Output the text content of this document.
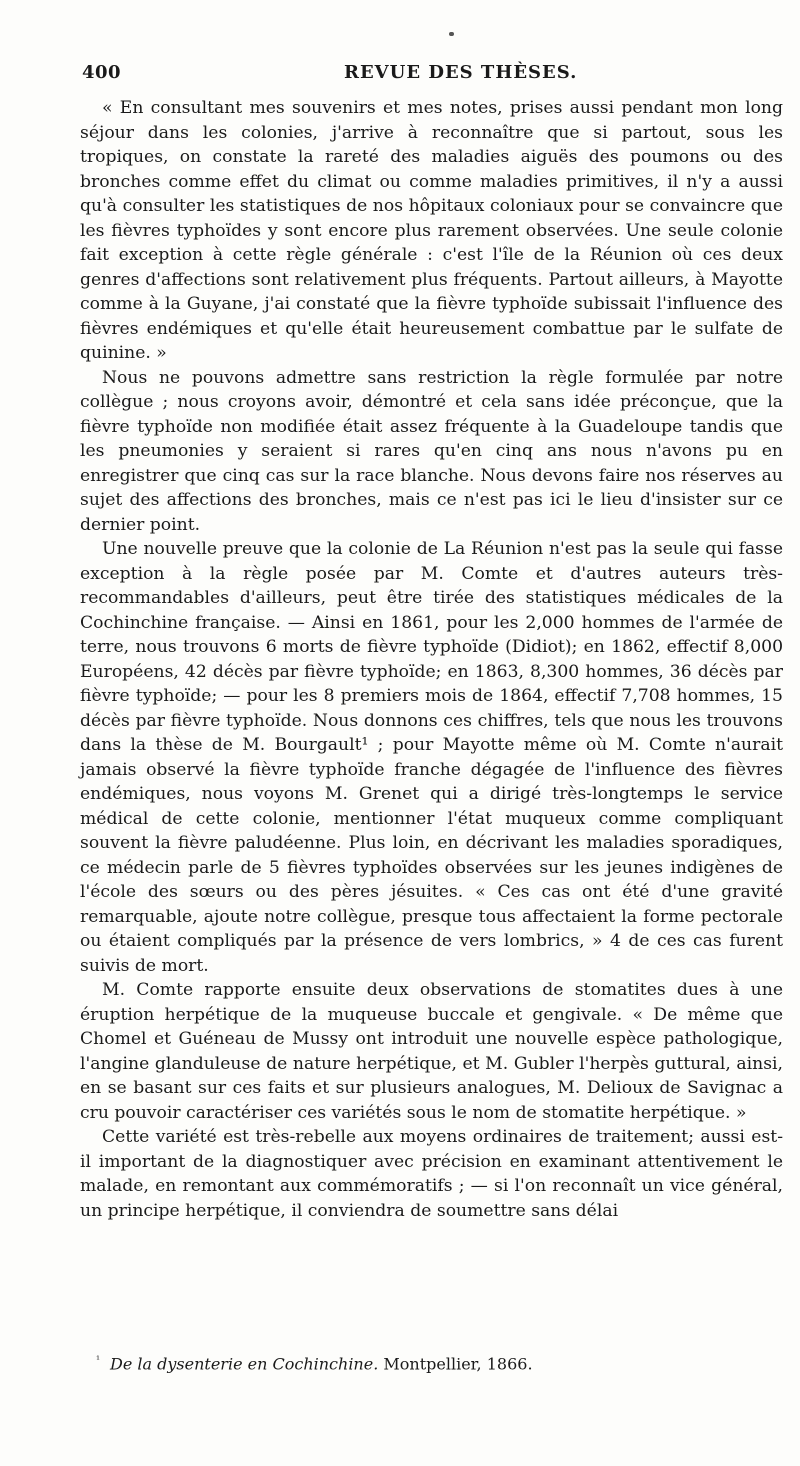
400	REVUE DES THÈSES.

« En consultant mes souvenirs et mes notes, prises aussi pendant mon long séjour dans les colonies, j'arrive à reconnaître que si partout, sous les tropiques, on constate la rareté des maladies aiguës des poumons ou des bronches comme effet du climat ou comme maladies primitives, il n'y a aussi qu'à consulter les statistiques de nos hôpitaux coloniaux pour se convaincre que les fièvres typhoïdes y sont encore plus rarement observées. Une seule colonie fait exception à cette règle générale : c'est l'île de la Réunion où ces deux genres d'affections sont relativement plus fréquents. Partout ailleurs, à Mayotte comme à la Guyane, j'ai constaté que la fièvre typhoïde subissait l'influence des fièvres endémiques et qu'elle était heureusement combattue par le sulfate de quinine. »

Nous ne pouvons admettre sans restriction la règle formulée par notre collègue ; nous croyons avoir, démontré et cela sans idée préconçue, que la fièvre typhoïde non modifiée était assez fréquente à la Guadeloupe tandis que les pneumonies y seraient si rares qu'en cinq ans nous n'avons pu en enregistrer que cinq cas sur la race blanche. Nous devons faire nos réserves au sujet des affections des bronches, mais ce n'est pas ici le lieu d'insister sur ce dernier point.

Une nouvelle preuve que la colonie de La Réunion n'est pas la seule qui fasse exception à la règle posée par M. Comte et d'autres auteurs très-recommandables d'ailleurs, peut être tirée des statistiques médicales de la Cochinchine française. — Ainsi en 1861, pour les 2,000 hommes de l'armée de terre, nous trouvons 6 morts de fièvre typhoïde (Didiot); en 1862, effectif 8,000 Européens, 42 décès par fièvre typhoïde; en 1863, 8,300 hommes, 36 décès par fièvre typhoïde; — pour les 8 premiers mois de 1864, effectif 7,708 hommes, 15 décès par fièvre typhoïde. Nous donnons ces chiffres, tels que nous les trouvons dans la thèse de M. Bourgault¹ ; pour Mayotte même où M. Comte n'aurait jamais observé la fièvre typhoïde franche dégagée de l'influence des fièvres endémiques, nous voyons M. Grenet qui a dirigé très-longtemps le service médical de cette colonie, mentionner l'état muqueux comme compliquant souvent la fièvre paludéenne. Plus loin, en décrivant les maladies sporadiques, ce médecin parle de 5 fièvres typhoïdes observées sur les jeunes indigènes de l'école des sœurs ou des pères jésuites. « Ces cas ont été d'une gravité remarquable, ajoute notre collègue, presque tous affectaient la forme pectorale ou étaient compliqués par la présence de vers lombrics, » 4 de ces cas furent suivis de mort.

M. Comte rapporte ensuite deux observations de stomatites dues à une éruption herpétique de la muqueuse buccale et gengivale. « De même que Chomel et Guéneau de Mussy ont introduit une nouvelle espèce pathologique, l'angine glanduleuse de nature herpétique, et M. Gubler l'herpès guttural, ainsi, en se basant sur ces faits et sur plusieurs analogues, M. Delioux de Savignac a cru pouvoir caractériser ces variétés sous le nom de stomatite herpétique. »

Cette variété est très-rebelle aux moyens ordinaires de traitement; aussi est-il important de la diagnostiquer avec précision en examinant attentivement le malade, en remontant aux commémoratifs ; — si l'on reconnaît un vice général, un principe herpétique, il conviendra de soumettre sans délai

$^{^1}$ De la dysenterie en Cochinchine. Montpellier, 1866.
